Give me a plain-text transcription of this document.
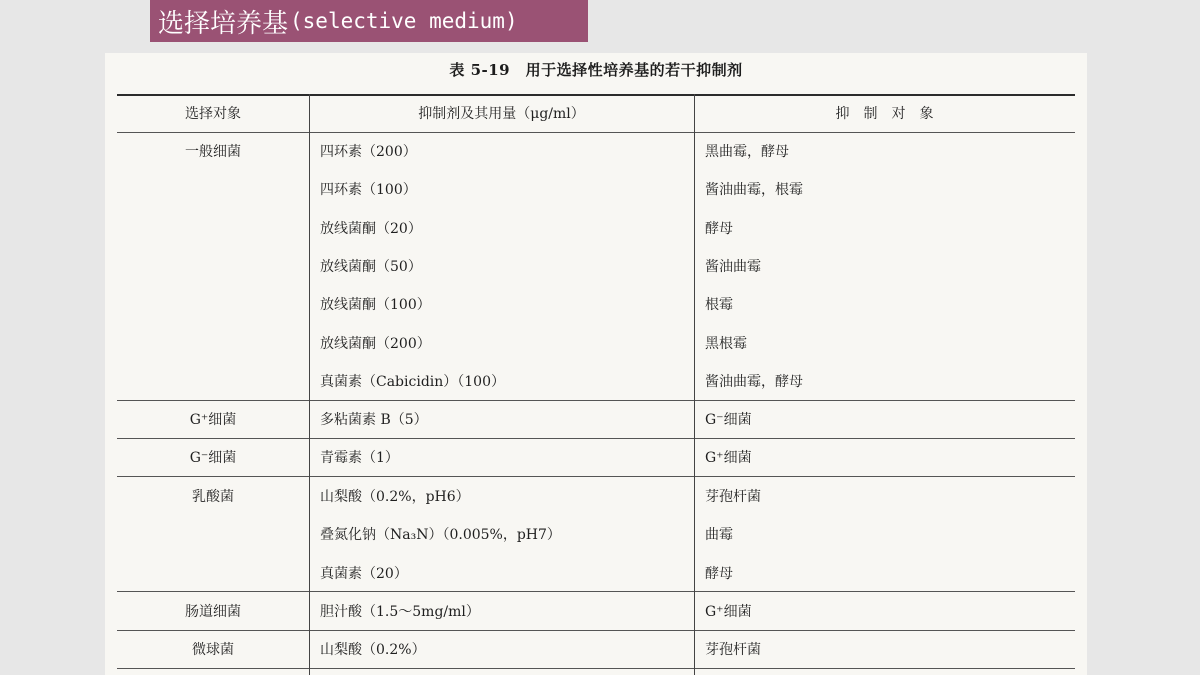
选择培养基 (selective medium)
表 5-19　用于选择性培养基的若干抑制剂
选择对象	抑制剂及其用量（μg/ml）	抑　制　对　象
一般细菌	四环素（200）	黑曲霉，酵母
四环素（100）	酱油曲霉，根霉
放线菌酮（20）	酵母
放线菌酮（50）	酱油曲霉
放线菌酮（100）	根霉
放线菌酮（200）	黑根霉
真菌素（Cabicidin）（100）	酱油曲霉，酵母
G⁺细菌	多粘菌素 B（5）	G⁻细菌
G⁻细菌	青霉素（1）	G⁺细菌
乳酸菌	山梨酸（0.2%，pH6）	芽孢杆菌
叠氮化钠（Na₃N）（0.005%，pH7）	曲霉
真菌素（20）	酵母
肠道细菌	胆汁酸（1.5～5mg/ml）	G⁺细菌
微球菌	山梨酸（0.2%）	芽孢杆菌
